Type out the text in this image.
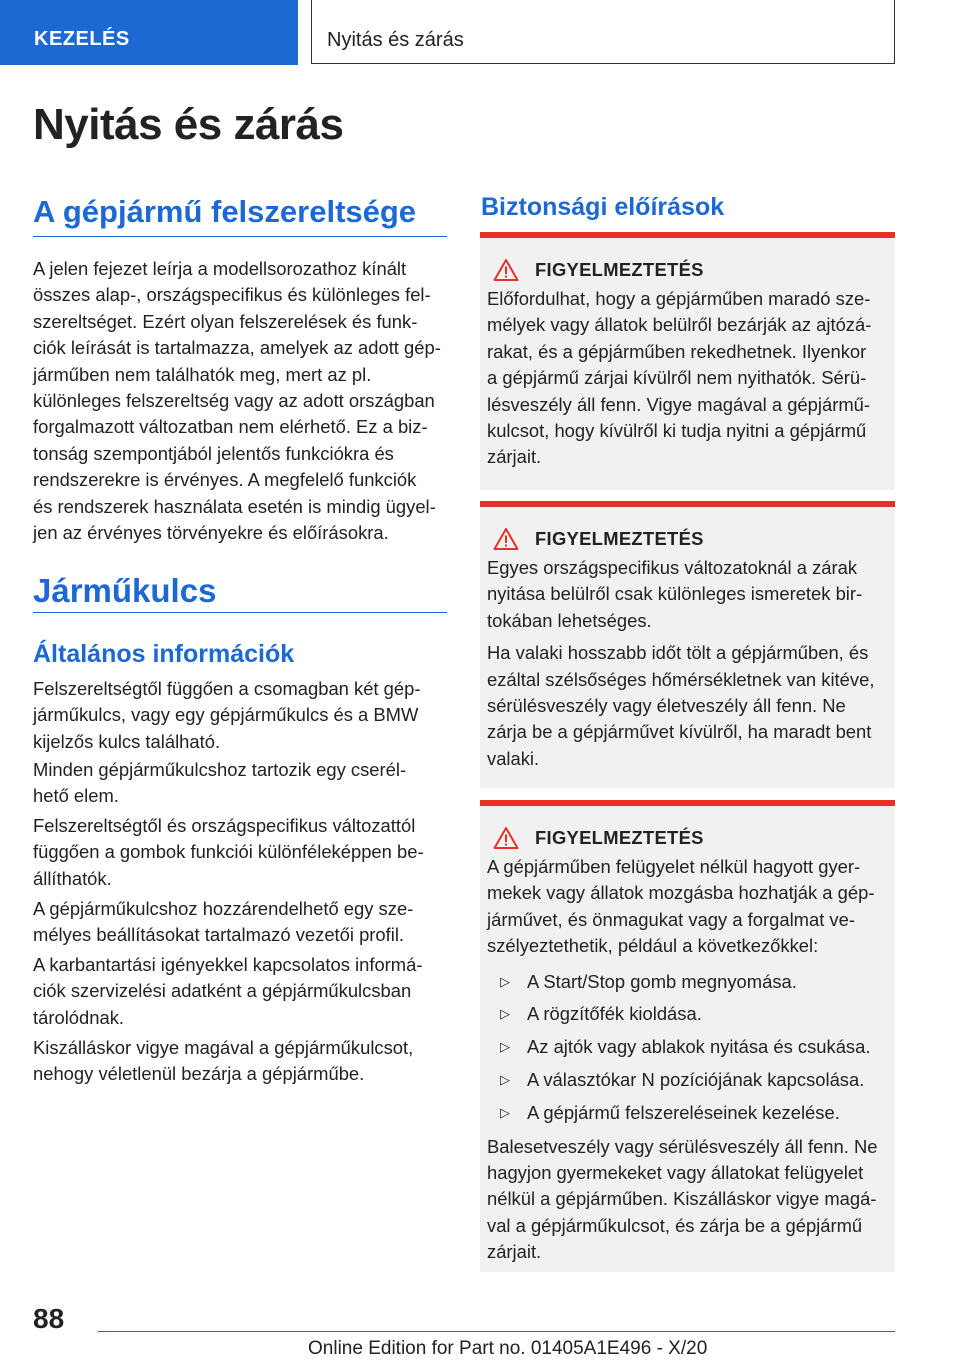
KEZELÉS	Nyitás és zárás
Nyitás és zárás
A gépjármű felszereltsége

A jelen fejezet leírja a modellsorozathoz kínált
összes alap-, országspecifikus és különleges fel-
szereltséget. Ezért olyan felszerelések és funk-
ciók leírását is tartalmazza, amelyek az adott gép-
járműben nem találhatók meg, mert az pl.
különleges felszereltség vagy az adott országban
forgalmazott változatban nem elérhető. Ez a biz-
tonság szempontjából jelentős funkciókra és
rendszerekre is érvényes. A megfelelő funkciók
és rendszerek használata esetén is mindig ügyel-
jen az érvényes törvényekre és előírásokra.

Járműkulcs
Általános információk

Felszereltségtől függően a csomagban két gép-
járműkulcs, vagy egy gépjárműkulcs és a BMW
kijelzős kulcs található.

Minden gépjárműkulcshoz tartozik egy cserél-
hető elem.

Felszereltségtől és országspecifikus változattól
függően a gombok funkciói különféleképpen be-
állíthatók.

A gépjárműkulcshoz hozzárendelhető egy sze-
mélyes beállításokat tartalmazó vezetői profil.

A karbantartási igényekkel kapcsolatos informá-
ciók szervizelési adatként a gépjárműkulcsban
tárolódnak.

Kiszálláskor vigye magával a gépjárműkulcsot,
nehogy véletlenül bezárja a gépjárműbe.

Biztonsági előírások
FIGYELMEZTETÉS

Előfordulhat, hogy a gépjárműben maradó sze-
mélyek vagy állatok belülről bezárják az ajtózá-
rakat, és a gépjárműben rekedhetnek. Ilyenkor
a gépjármű zárjai kívülről nem nyithatók. Sérü-
lésveszély áll fenn. Vigye magával a gépjármű-
kulcsot, hogy kívülről ki tudja nyitni a gépjármű
zárjait.

FIGYELMEZTETÉS

Egyes országspecifikus változatoknál a zárak
nyitása belülről csak különleges ismeretek bir-
tokában lehetséges.

Ha valaki hosszabb időt tölt a gépjárműben, és
ezáltal szélsőséges hőmérsékletnek van kitéve,
sérülésveszély vagy életveszély áll fenn. Ne
zárja be a gépjárművet kívülről, ha maradt bent
valaki.

FIGYELMEZTETÉS

A gépjárműben felügyelet nélkül hagyott gyer-
mekek vagy állatok mozgásba hozhatják a gép-
járművet, és önmagukat vagy a forgalmat ve-
szélyeztethetik, például a következőkkel:

▷ A Start/Stop gomb megnyomása.
▷ A rögzítőfék kioldása.
▷ Az ajtók vagy ablakok nyitása és csukása.
▷ A választókar N pozíciójának kapcsolása.
▷ A gépjármű felszereléseinek kezelése.

Balesetveszély vagy sérülésveszély áll fenn. Ne
hagyjon gyermekeket vagy állatokat felügyelet
nélkül a gépjárműben. Kiszálláskor vigye magá-
val a gépjárműkulcsot, és zárja be a gépjármű
zárjait.

88
Online Edition for Part no. 01405A1E496 - X/20
